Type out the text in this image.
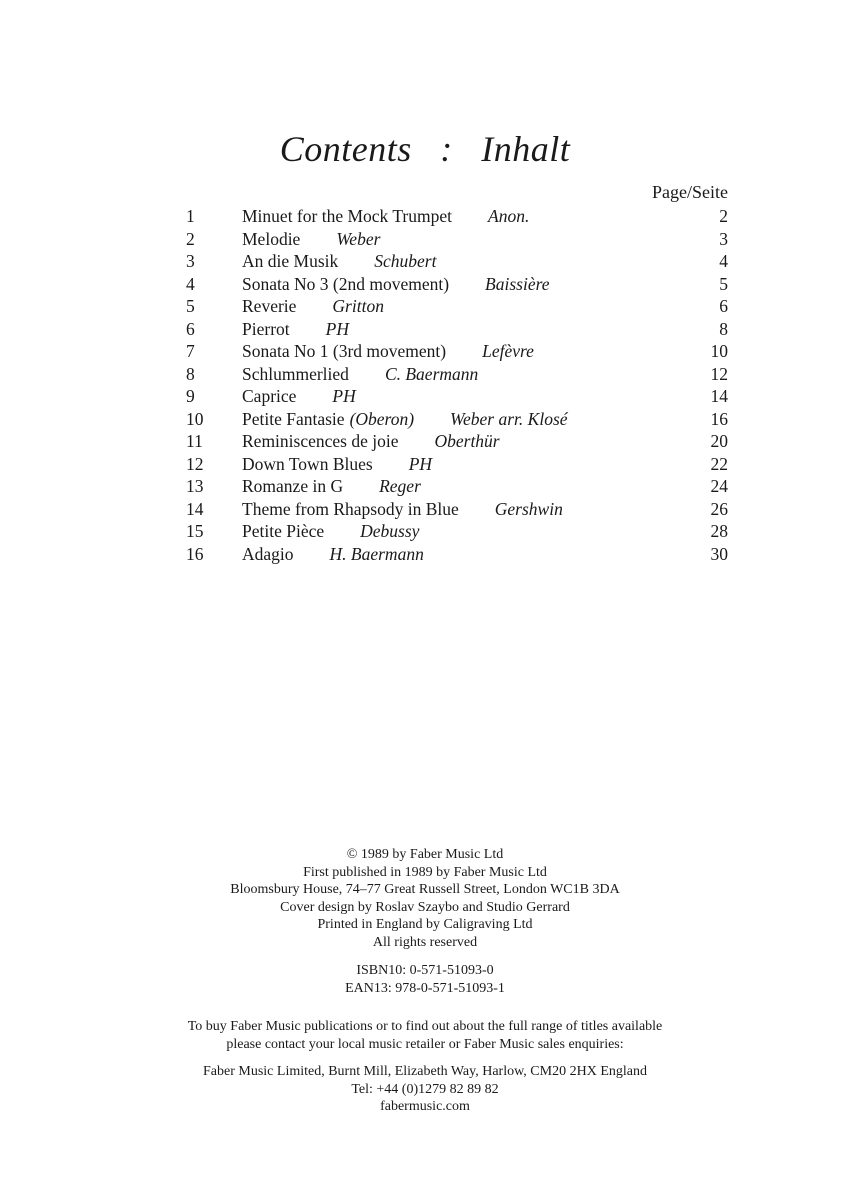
Contents   :   Inhalt
Page/Seite
1	Minuet for the Mock Trumpet Anon.	2
2	Melodie Weber	3
3	An die Musik Schubert	4
4	Sonata No 3 (2nd movement) Baissière	5
5	Reverie Gritton	6
6	Pierrot PH	8
7	Sonata No 1 (3rd movement) Lefèvre	10
8	Schlummerlied C. Baermann	12
9	Caprice PH	14
10	Petite Fantasie (Oberon) Weber arr. Klosé	16
11	Reminiscences de joie Oberthür	20
12	Down Town Blues PH	22
13	Romanze in G Reger	24
14	Theme from Rhapsody in Blue Gershwin	26
15	Petite Pièce Debussy	28
16	Adagio H. Baermann	30
© 1989 by Faber Music Ltd
First published in 1989 by Faber Music Ltd
Bloomsbury House, 74–77 Great Russell Street, London WC1B 3DA
Cover design by Roslav Szaybo and Studio Gerrard
Printed in England by Caligraving Ltd
All rights reserved
ISBN10: 0-571-51093-0
EAN13: 978-0-571-51093-1
To buy Faber Music publications or to find out about the full range of titles available
please contact your local music retailer or Faber Music sales enquiries:
Faber Music Limited, Burnt Mill, Elizabeth Way, Harlow, CM20 2HX England
Tel: +44 (0)1279 82 89 82
fabermusic.com
